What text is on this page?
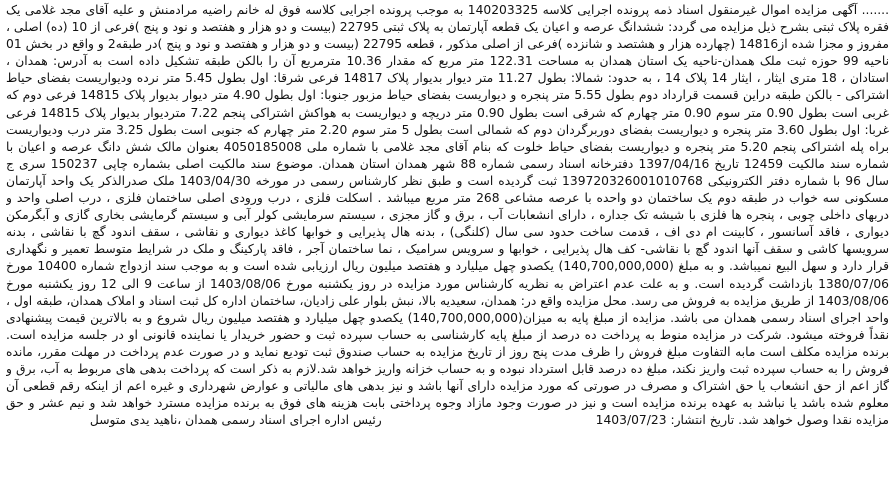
....... آگهی مزایده اموال غیرمنقول اسناد ذمه پرونده اجرایی کلاسه 140203325 به موجب پرونده اجرایی کلاسه فوق له خانم راضیه مرادمنش و علیه آقای مجد غلامی یک فقره پلاک ثبتی بشرح ذیل مزایده می گردد: ششدانگ عرصه و اعیان یک قطعه آپارتمان به پلاک ثبتی 22795 (بیست و دو هزار و هفتصد و نود و پنج )فرعی از 10 (ده) اصلی ، مفروز و مجزا شده از14816 (چهارده هزار و هشتصد و شانزده )فرعی از اصلی مذکور ، قطعه 22795 (بیست و دو هزار و هفتصد و نود و پنج )در طبقه2 و واقع در بخش 01 ناحیه 99 حوزه ثبت ملک همدان-ناحیه یک استان همدان به مساحت 122.31 متر مربع که مقدار 10.36 مترمربع آن را بالکن طبقه تشکیل داده است به آدرس: همدان ، استادان ، 18 متری ایثار ، ایثار 14 پلاک 14 ، به حدود: شمالا: بطول 11.27 متر دیوار بدیوار پلاک 14817 فرعی شرقا: اول بطول 5.45 متر نرده ودیواریست بفضای حیاط اشتراکی - بالکن طبقه دراین قسمت قرارداد دوم بطول 5.55 متر پنجره و دیواریست بفضای حیاط مزبور جنوبا: اول بطول 4.90 متر دیوار بدیوار پلاک 14815 فرعی دوم که غربی است بطول 0.90 متر سوم 0.90 متر چهارم که شرقی است بطول 0.90 متر دریچه و دیواریست به هواکش اشتراکی پنجم 7.22 متردیوار بدیوار پلاک 14815 فرعی غربا: اول بطول 3.60 متر پنجره و دیواریست بفضای دوربرگردان دوم که شمالی است بطول 5 متر سوم 2.20 متر چهارم که جنوبی است بطول 3.25 متر درب ودیواریست براه پله اشتراکی پنجم 5.20 متر پنجره و دیواریست بفضای حیاط خلوت که بنام آقای مجد غلامی با شماره ملی 4050185008 بعنوان مالک شش دانگ عرصه و اعیان با شماره سند مالکیت 12459 تاریخ 1397/04/16 دفترخانه اسناد رسمی شماره 88 شهر همدان استان همدان. موضوع سند مالکیت اصلی بشماره چاپی 150237 سری ج سال 96 با شماره دفتر الکترونیکی 139720326001010768 ثبت گردیده است و طبق نظر کارشناس رسمی در مورخه 1403/04/30 ملک صدرالذکر یک واحد آپارتمان مسکونی سه خواب در طبقه دوم یک ساختمان دو واحده با عرصه مشاعی 268 متر مربع میباشد . اسکلت فلزی ، درب ورودی اصلی ساختمان فلزی ، درب اصلی واحد و دربهای داخلی چوبی ، پنجره ها فلزی با شیشه تک جداره ، دارای انشعابات آب ، برق و گاز مجزی ، سیستم سرمایشی کولر آبی و سیستم گرمایشی بخاری گازی و آبگرمکن دیواری ، فاقد آسانسور ، کابینت ام دی اف ، قدمت ساخت حدود سی سال (کلنگی) ، بدنه هال پذیرایی و خوابها کاغذ دیواری و نقاشی ، سقف اندود گچ با نقاشی ، بدنه سرویسها کاشی و سقف آنها اندود گچ با نقاشی- کف هال پذیرایی ، خوابها و سرویس سرامیک ، نما ساختمان آجر ، فاقد پارکینگ و ملک در شرایط متوسط تعمیر و نگهداری قرار دارد و سهل البیع نمیباشد. و به مبلغ (140,700,000,000) یکصدو چهل میلیارد و هفتصد میلیون ریال ارزیابی شده است و به موجب سند ازدواج شماره 10400 مورخ 1380/07/06 بازداشت گردیده است. و به علت عدم اعتراض به نظریه کارشناس مورد مزایده در روز یکشنبه مورخ 1403/08/06 از ساعت 9 الی 12 روز یکشنبه مورخ 1403/08/06 از طریق مزایده به فروش می رسد. محل مزایده واقع در: همدان، سعیدیه بالا، نبش بلوار علی زادیان، ساختمان اداره کل ثبت اسناد و املاک همدان، طبقه اول ، واحد اجرای اسناد رسمی همدان می باشد. مزایده از مبلغ پایه به میزان(140,700,000,000) یکصدو چهل میلیارد و هفتصد میلیون ریال شروع و به بالاترین قیمت پیشنهادی نقداً فروخته میشود. شرکت در مزایده منوط به پرداخت ده درصد از مبلغ پایه کارشناسی به حساب سپرده ثبت و حضور خریدار یا نماینده قانونی او در جلسه مزایده است. برنده مزایده مکلف است مابه التفاوت مبلغ فروش را ظرف مدت پنج روز از تاریخ مزایده به حساب صندوق ثبت تودیع نماید و در صورت عدم پرداخت در مهلت مقرر، مانده فروش را به حساب سپرده ثبت واریز نکند، مبلغ ده درصد قابل استرداد نبوده و به حساب خزانه واریز خواهد شد.لازم به ذکر است که پرداخت بدهی های مربوط به آب، برق و گاز اعم از حق انشعاب یا حق اشتراک و مصرف در صورتی که مورد مزایده دارای آنها باشد و نیز بدهی های مالیاتی و عوارض شهرداری و غیره اعم از اینکه رقم قطعی آن معلوم شده باشد یا نباشد به عهده برنده مزایده است و نیز در صورت وجود مازاد وجوه پرداختی بابت هزینه های فوق به برنده مزایده مسترد خواهد شد و نیم عشر و حق مزایده نقدا وصول خواهد شد. تاریخ انتشار: 1403/07/23 رئیس اداره اجرای اسناد رسمی همدان ،ناهید یدی متوسل
